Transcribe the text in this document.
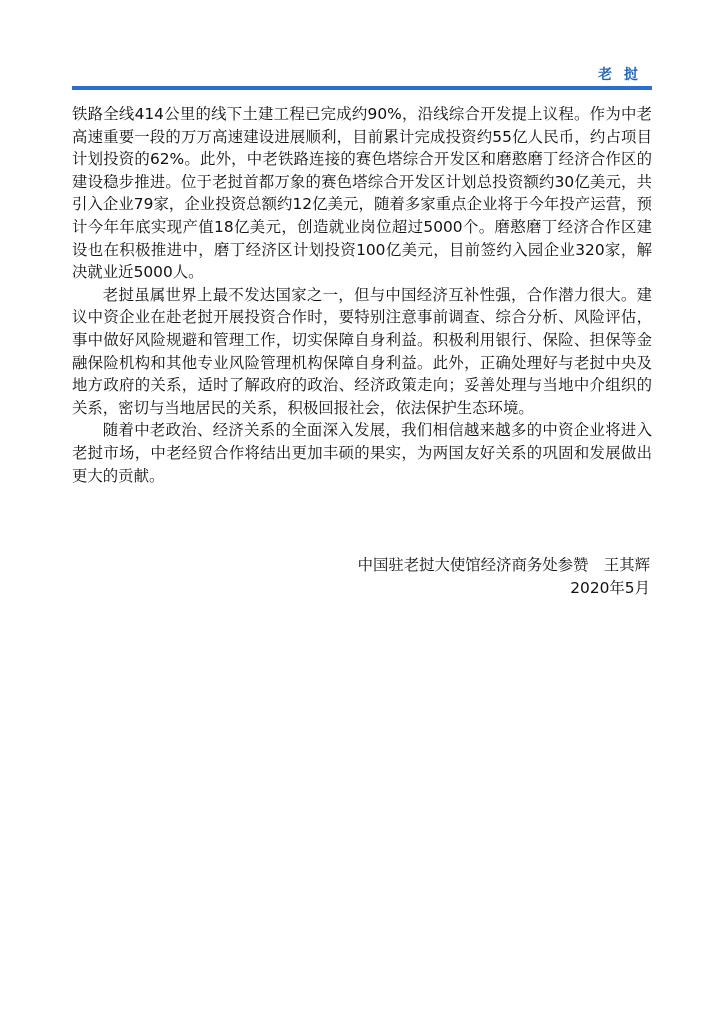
老挝

铁路全线414公里的线下土建工程已完成约90%，沿线综合开发提上议程。作为中老高速重要一段的万万高速建设进展顺利，目前累计完成投资约55亿人民币，约占项目计划投资的62%。此外，中老铁路连接的赛色塔综合开发区和磨憨磨丁经济合作区的建设稳步推进。位于老挝首都万象的赛色塔综合开发区计划总投资额约30亿美元，共引入企业79家，企业投资总额约12亿美元，随着多家重点企业将于今年投产运营，预计今年年底实现产值18亿美元，创造就业岗位超过5000个。磨憨磨丁经济合作区建设也在积极推进中，磨丁经济区计划投资100亿美元，目前签约入园企业320家，解决就业近5000人。

老挝虽属世界上最不发达国家之一，但与中国经济互补性强，合作潜力很大。建议中资企业在赴老挝开展投资合作时，要特别注意事前调查、综合分析、风险评估，事中做好风险规避和管理工作，切实保障自身利益。积极利用银行、保险、担保等金融保险机构和其他专业风险管理机构保障自身利益。此外，正确处理好与老挝中央及地方政府的关系，适时了解政府的政治、经济政策走向；妥善处理与当地中介组织的关系，密切与当地居民的关系，积极回报社会，依法保护生态环境。

随着中老政治、经济关系的全面深入发展，我们相信越来越多的中资企业将进入老挝市场，中老经贸合作将结出更加丰硕的果实，为两国友好关系的巩固和发展做出更大的贡献。

中国驻老挝大使馆经济商务处参赞　王其辉
2020年5月
